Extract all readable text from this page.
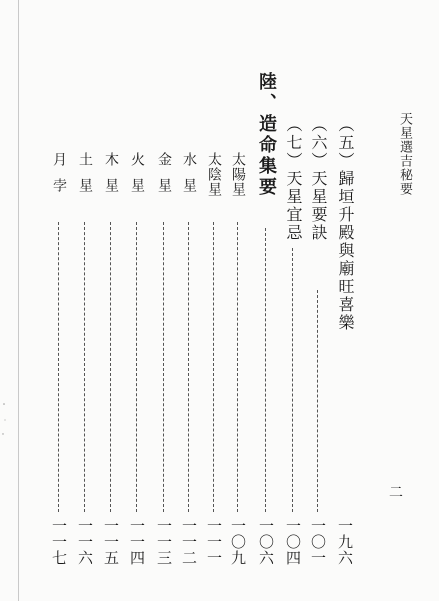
天星選吉秘要
二
（五）歸垣升殿與廟旺喜樂
一九六
（六）天星要訣
一〇一
（七）天星宜忌
一〇四
陸、造命集要
一〇六
太陽星
一〇九
太陰星
一一一
水星
一一二
金星
一一三
火星
一一四
木星
一一五
土星
一一六
月孛
一一七
